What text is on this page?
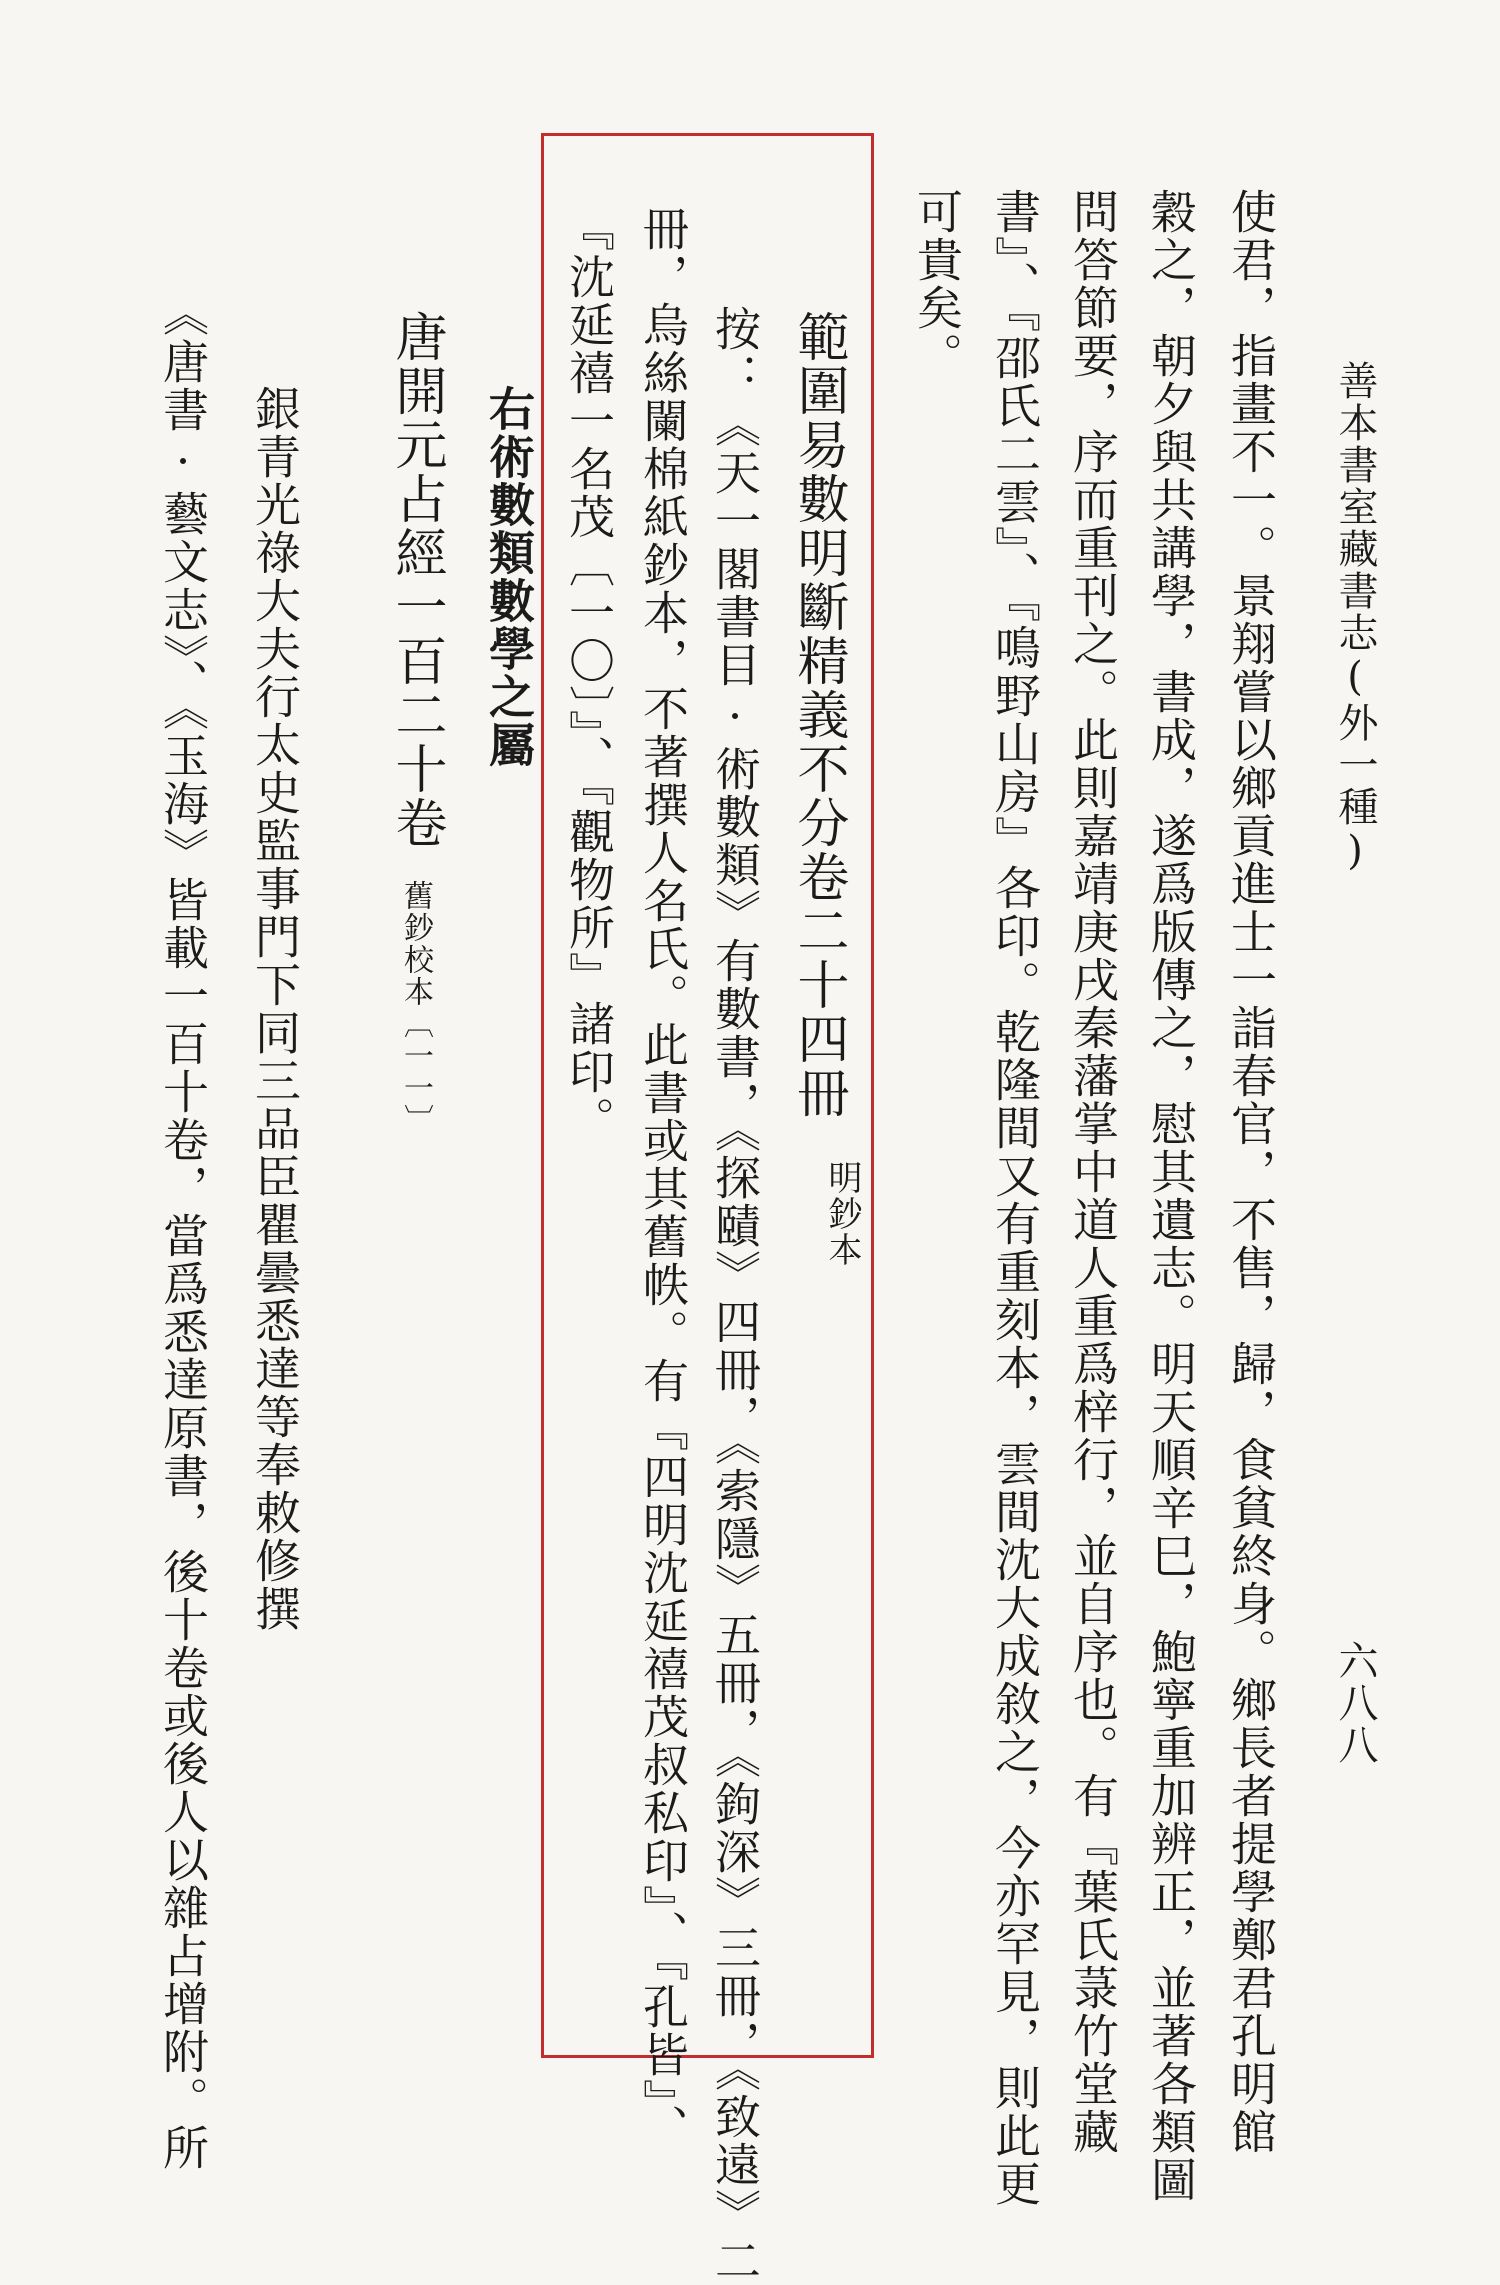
善本書室藏書志(外一種)
六八八
使君，指畫不一。景翔嘗以鄉貢進士一詣春官，不售，歸，食貧終身。鄉長者提學鄭君孔明館
穀之，朝夕與共講學，書成，遂爲版傳之，慰其遺志。明天順辛巳，鮑寧重加辨正，並著各類圖
問答節要，序而重刊之。此則嘉靖庚戌秦藩掌中道人重爲梓行，並自序也。有『葉氏菉竹堂藏
書』、『邵氏二雲』、『鳴野山房』各印。乾隆間又有重刻本，雲間沈大成敘之，今亦罕見，則此更
可貴矣。
範圍易數明斷精義不分卷二十四冊
明鈔本
按：《天一閣書目·術數類》有數書，《探賾》四冊，《索隱》五冊，《鉤深》三冊，《致遠》二
冊，烏絲闌棉紙鈔本，不著撰人名氏。此書或其舊帙。有『四明沈延禧茂叔私印』、『孔皆』、
『沈延禧一名茂〔一〇〕』、『觀物所』諸印。
右術數類數學之屬
唐開元占經一百二十卷
舊鈔校本〔一一〕
銀青光祿大夫行太史監事門下同三品臣瞿曇悉達等奉敕修撰
《唐書·藝文志》、《玉海》皆載一百十卷，當爲悉達原書，後十卷或後人以雜占增附。所
